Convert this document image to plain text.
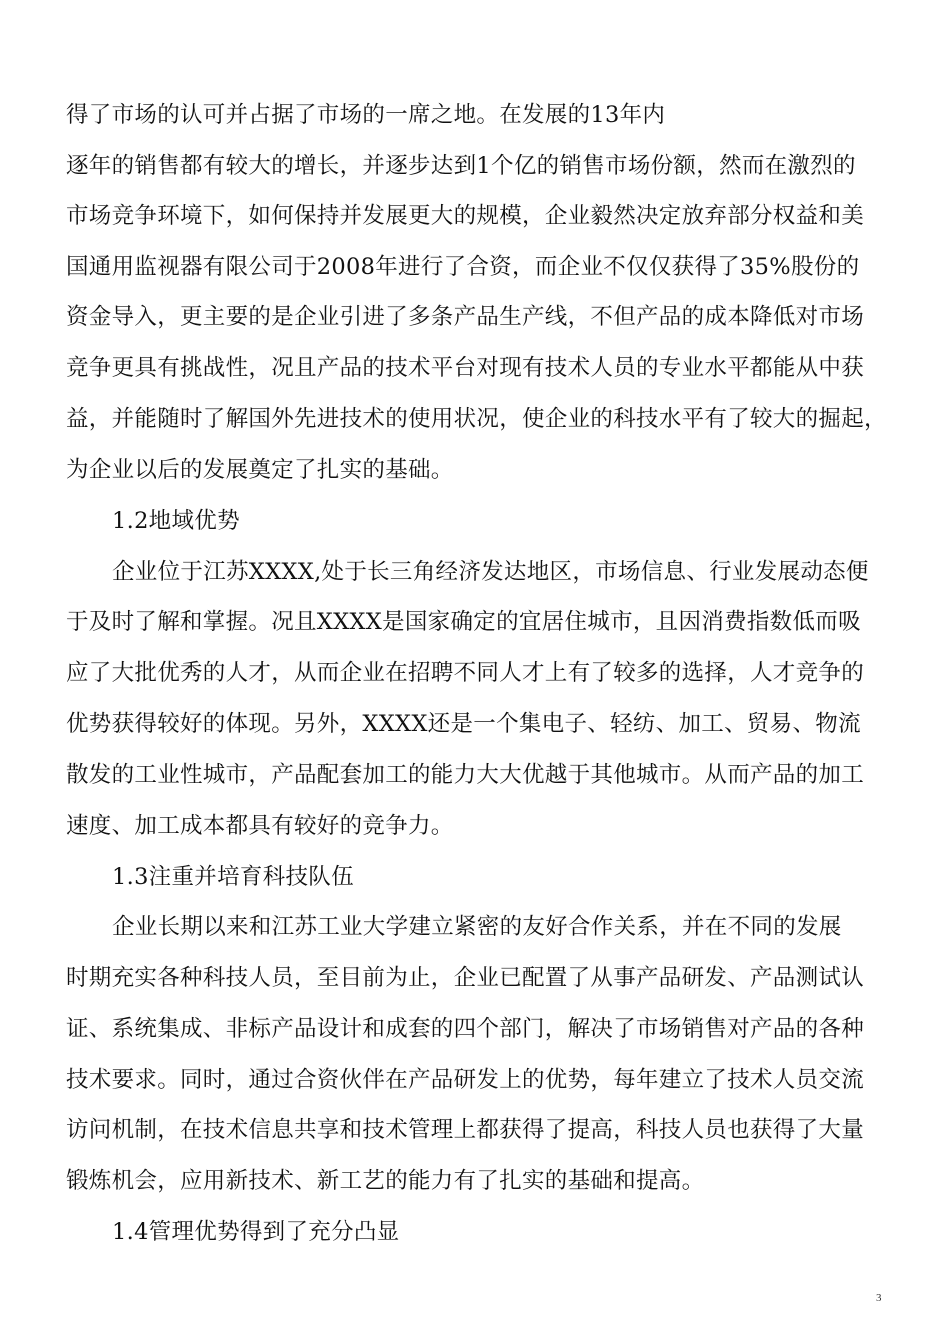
得了市场的认可并占据了市场的一席之地。在发展的13年内
逐年的销售都有较大的增长，并逐步达到1个亿的销售市场份额，然而在激烈的
市场竞争环境下，如何保持并发展更大的规模，企业毅然决定放弃部分权益和美
国通用监视器有限公司于2008年进行了合资，而企业不仅仅获得了35%股份的
资金导入，更主要的是企业引进了多条产品生产线，不但产品的成本降低对市场
竞争更具有挑战性，况且产品的技术平台对现有技术人员的专业水平都能从中获
益，并能随时了解国外先进技术的使用状况，使企业的科技水平有了较大的掘起，
为企业以后的发展奠定了扎实的基础。
1.2地域优势
企业位于江苏XXXX,处于长三角经济发达地区，市场信息、行业发展动态便
于及时了解和掌握。况且XXXX是国家确定的宜居住城市，且因消费指数低而吸
应了大批优秀的人才，从而企业在招聘不同人才上有了较多的选择，人才竞争的
优势获得较好的体现。另外，XXXX还是一个集电子、轻纺、加工、贸易、物流
散发的工业性城市，产品配套加工的能力大大优越于其他城市。从而产品的加工
速度、加工成本都具有较好的竞争力。
1.3注重并培育科技队伍
企业长期以来和江苏工业大学建立紧密的友好合作关系，并在不同的发展
时期充实各种科技人员，至目前为止，企业已配置了从事产品研发、产品测试认
证、系统集成、非标产品设计和成套的四个部门，解决了市场销售对产品的各种
技术要求。同时，通过合资伙伴在产品研发上的优势，每年建立了技术人员交流
访问机制，在技术信息共享和技术管理上都获得了提高，科技人员也获得了大量
锻炼机会，应用新技术、新工艺的能力有了扎实的基础和提高。
1.4管理优势得到了充分凸显
3
